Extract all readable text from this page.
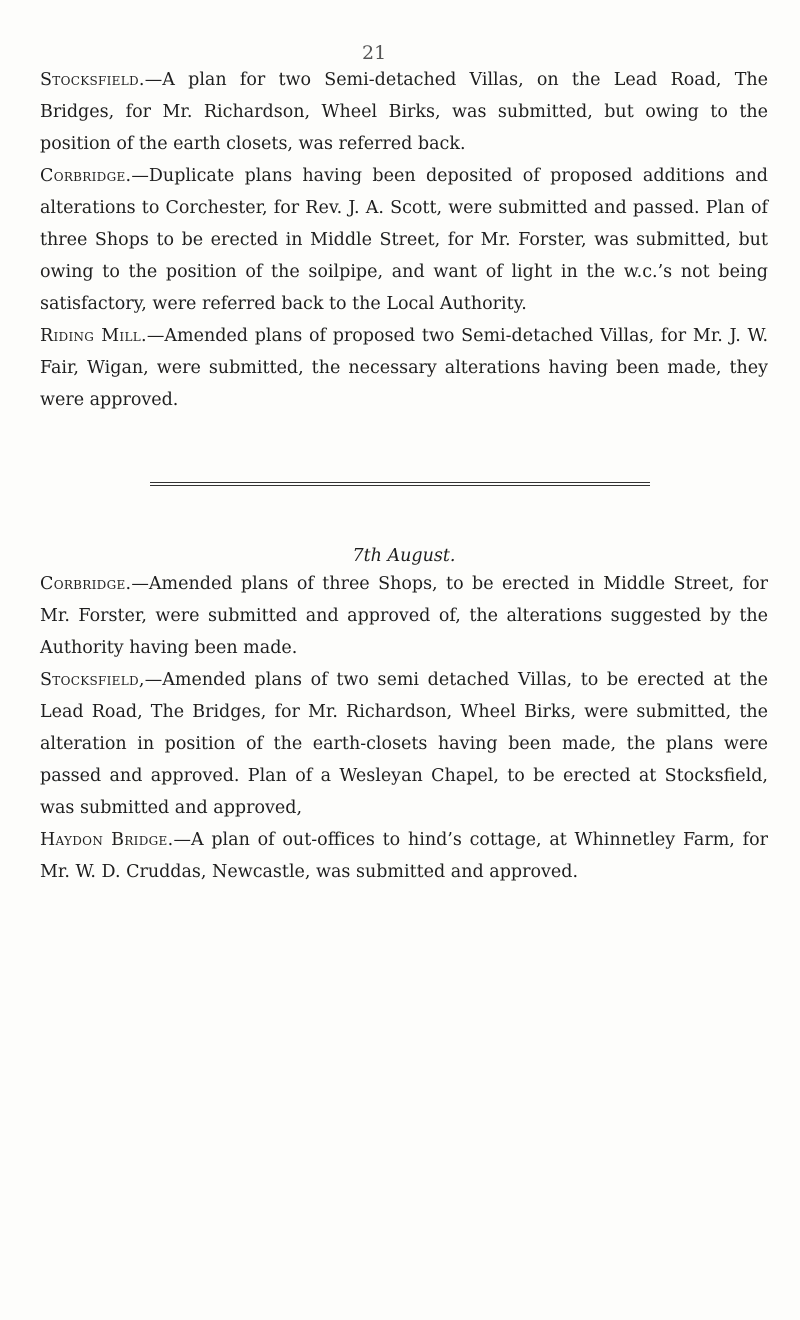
21

Stocksfield.—A plan for two Semi-detached Villas, on the Lead Road, The Bridges, for Mr. Richardson, Wheel Birks, was submitted, but owing to the position of the earth closets, was referred back.

Corbridge.—Duplicate plans having been deposited of proposed additions and alterations to Corchester, for Rev. J. A. Scott, were submitted and passed. Plan of three Shops to be erected in Middle Street, for Mr. Forster, was submitted, but owing to the position of the soilpipe, and want of light in the w.c.’s not being satisfactory, were referred back to the Local Authority.

Riding Mill.—Amended plans of proposed two Semi-detached Villas, for Mr. J. W. Fair, Wigan, were submitted, the necessary alterations having been made, they were approved.

7th August.

Corbridge.—Amended plans of three Shops, to be erected in Middle Street, for Mr. Forster, were submitted and approved of, the alterations suggested by the Authority having been made.

Stocksfield,—Amended plans of two semi detached Villas, to be erected at the Lead Road, The Bridges, for Mr. Richardson, Wheel Birks, were submitted, the alteration in position of the earth-closets having been made, the plans were passed and approved. Plan of a Wesleyan Chapel, to be erected at Stocksfield, was submitted and approved,

Haydon Bridge.—A plan of out-offices to hind’s cottage, at Whinnetley Farm, for Mr. W. D. Cruddas, Newcastle, was submitted and approved.
